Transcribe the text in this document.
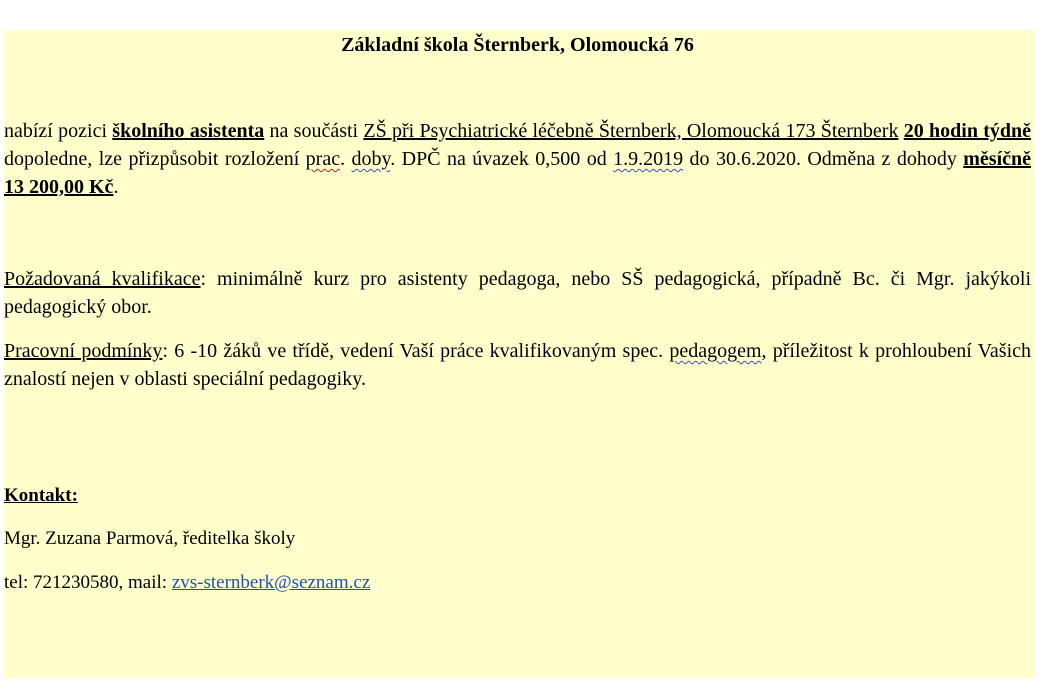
Základní škola Šternberk, Olomoucká 76

nabízí pozici školního asistenta na součásti ZŠ při Psychiatrické léčebně Šternberk, Olomoucká 173 Šternberk 20 hodin týdně dopoledne, lze přizpůsobit rozložení prac. doby. DPČ na úvazek 0,500 od 1.9.2019 do 30.6.2020. Odměna z dohody měsíčně 13 200,00 Kč.

Požadovaná kvalifikace: minimálně kurz pro asistenty pedagoga, nebo SŠ pedagogická, případně Bc. či Mgr. jakýkoli pedagogický obor.

Pracovní podmínky: 6 -10 žáků ve třídě, vedení Vaší práce kvalifikovaným spec. pedagogem, příležitost k prohloubení Vašich znalostí nejen v oblasti speciální pedagogiky.

Kontakt:

Mgr. Zuzana Parmová, ředitelka školy

tel: 721230580, mail: zvs-sternberk@seznam.cz
